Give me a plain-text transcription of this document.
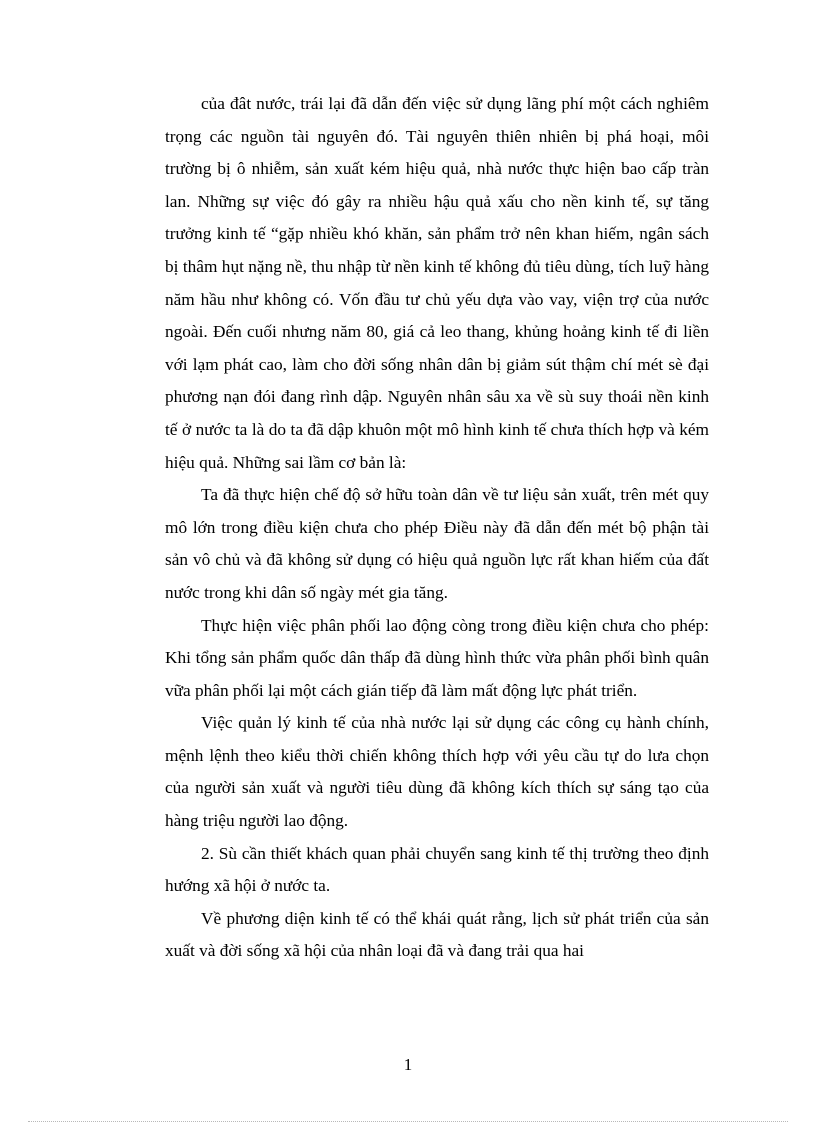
của đât nước, trái lại đã dẫn đến việc sử dụng lãng phí một cách nghiêm trọng các nguồn tài nguyên đó. Tài nguyên thiên nhiên bị phá hoại, môi trường bị ô nhiễm, sản xuất kém hiệu quả, nhà nước thực hiện bao cấp tràn lan. Những sự việc đó gây ra nhiều hậu quả xấu cho nền kinh tế, sự tăng trưởng kinh tế “gặp nhiều khó khăn, sản phẩm trở nên khan hiếm, ngân sách bị thâm hụt nặng nề, thu nhập từ nền kinh tế không đủ tiêu dùng, tích luỹ hàng năm hầu như không có. Vốn đầu tư chủ yếu dựa vào vay, viện trợ của nước ngoài. Đến cuối nhưng năm 80, giá cả leo thang, khủng hoảng kinh tế đi liền với lạm phát cao, làm cho đời sống nhân dân bị giảm sút thậm chí mét sè đại phương nạn đói đang rình dập. Nguyên nhân sâu xa về sù suy thoái nền kinh tế ở nước ta là do ta đã dập khuôn một mô hình kinh tế chưa thích hợp và kém hiệu quả. Những sai lầm cơ bản là:

Ta đã thực hiện chế độ sở hữu toàn dân về tư liệu sản xuất, trên mét quy mô lớn trong điều kiện chưa cho phép Điều này đã dẫn đến mét bộ phận tài sản vô chủ và đã không sử dụng có hiệu quả nguồn lực rất khan hiếm của đất nước trong khi dân số ngày mét gia tăng.

Thực hiện việc phân phối lao động còng trong điều kiện chưa cho phép: Khi tổng sản phẩm quốc dân thấp đã dùng hình thức vừa phân phối bình quân vữa phân phối lại một cách gián tiếp đã làm mất động lực phát triển.

Việc quản lý kinh tế của nhà nước lại sử dụng các công cụ hành chính, mệnh lệnh theo kiểu thời chiến không thích hợp với yêu cầu tự do lưa chọn của người sản xuất và người tiêu dùng đã không kích thích sự sáng tạo của hàng triệu người lao động.

2. Sù cần thiết khách quan phải chuyển sang kinh tế thị trường theo định hướng xã hội ở nước ta.

Về phương diện kinh tế có thể khái quát rằng, lịch sử phát triển của sản xuất và đời sống xã hội của nhân loại đã và đang trải qua hai

1
